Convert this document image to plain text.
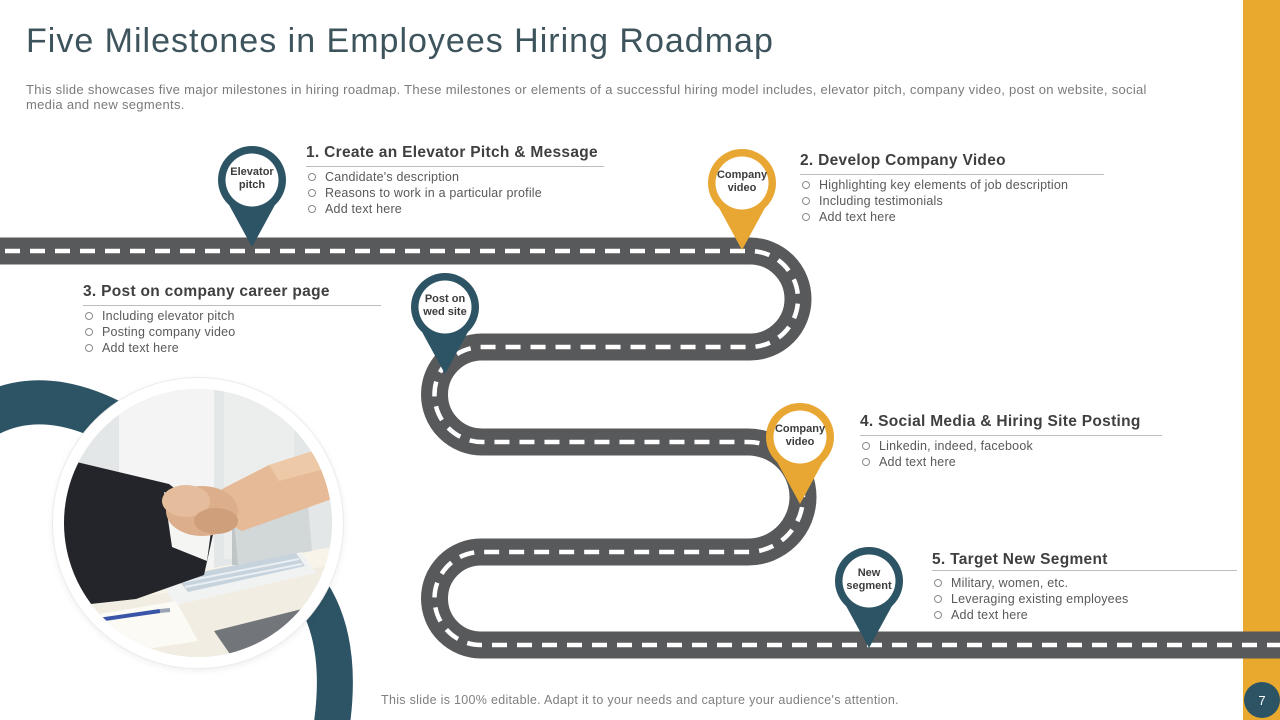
Elevator
pitch
Company
video
Post on
wed site
Company
video
New
segment
Five Milestones in Employees Hiring Roadmap
This slide showcases five major milestones in hiring roadmap. These milestones or elements of a successful hiring model includes, elevator pitch, company video, post on website, social media and new segments.
1. Create an Elevator Pitch & Message
Candidate's description
Reasons to work in a particular profile
Add text here
2. Develop Company Video
Highlighting key elements of job description
Including testimonials
Add text here
3. Post on company career page
Including elevator pitch
Posting company video
Add text here
4. Social Media & Hiring Site Posting
Linkedin, indeed, facebook
Add text here
5. Target New Segment
Military, women, etc.
Leveraging existing employees
Add text here
This slide is 100% editable. Adapt it to your needs and capture your audience's attention.	7
